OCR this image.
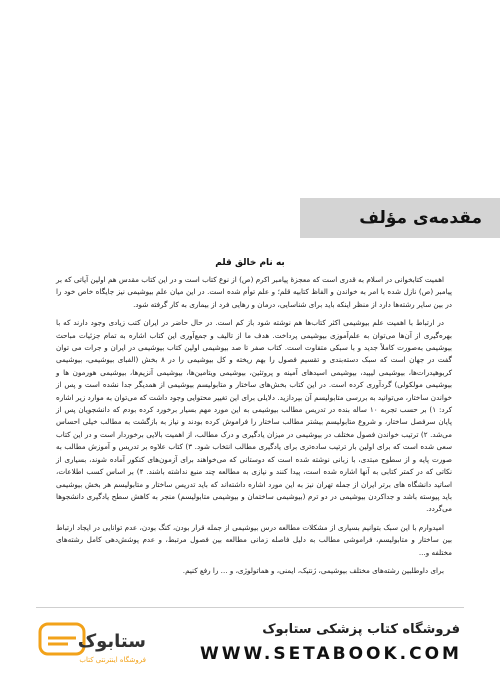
مقدمه‌ی مؤلف
به نام خالق قلم

اهمیت کتابخوانی در اسلام به قدری است که معجزهٔ پیامبر اکرم (ص) از نوع کتاب است و در این کتاب مقدس هم اولین آیاتی که بر پیامبر (ص) نازل شده با امر به خواندن و الفاظ کتابیه قلم؛ و علم توأم شده است. در این میان علم بیوشیمی نیز جایگاه خاص خود را در بین سایر رشته‌ها دارد از منظر اینکه باید برای شناسایی، درمان و رهایی فرد از بیماری به کار گرفته شود.

در ارتباط با اهمیت علم بیوشیمی اکثر کتاب‌ها هم نوشته شود باز کم است. در حال حاضر در ایران کتب زیادی وجود دارند که با بهره‌گیری از آن‌ها می‌توان به علم‌آموزی بیوشیمی پرداخت. هدف ما از تالیف و جمع‌آوری این کتاب اشاره به تمام جزئیات مباحث بیوشیمی به‌صورت کاملاً جدید و با سبکی متفاوت است. کتاب صفر تا صد بیوشیمی اولین کتاب بیوشیمی در ایران و جرات می توان گفت در جهان است که سبک دسته‌بندی و تقسیم فصول را بهم ریخته و کل بیوشیمی را در ۸ بخش (الفبای بیوشیمی، بیوشیمی کربوهیدرات‌ها، بیوشیمی لیپید، بیوشیمی اسیدهای آمینه و پروتئین، بیوشیمی ویتامین‌ها، بیوشیمی آنزیم‌ها، بیوشیمی هورمون ها و بیوشیمی مولکولی) گردآوری کرده است. در این کتاب بخش‌های ساختار و متابولیسم بیوشیمی از همدیگر جدا نشده است و پس از خواندن ساختار، می‌توانید به بررسی متابولیسم آن بپردازید. دلایلی برای این تغییر محتوایی وجود داشت که می‌توان به موارد زیر اشاره کرد: ۱) بر حسب تجربه ۱۰ ساله بنده در تدریس مطالب بیوشیمی به این مورد مهم بسیار برخورد کرده بودم که دانشجویان پس از پایان سرفصل ساختار، و شروع متابولیسم بیشتر مطالب ساختار را فراموش کرده بودند و نیاز به بازگشت به مطالب خیلی احساس می‌شد. ۲) ترتیب خواندن فصول مختلف در بیوشیمی در میزان یادگیری و درک مطالب، از اهمیت بالایی برخوردار است و در این کتاب سعی شده است که برای اولین بار ترتیب ساده‌تری برای یادگیری مطالب انتخاب شود. ۳) کتاب علاوه بر تدریس و آموزش مطالب به صورت پایه و از سطوح مبتدی، با زبانی نوشته شده است که دوستانی که می‌خواهند برای آزمون‌های کنکور آماده شوند، بسیاری از نکاتی که در کمتر کتابی به آنها اشاره شده است، پیدا کنند و نیازی به مطالعه چند منبع نداشته باشند. ۴) بر اساس کسب اطلاعات، اساتید دانشگاه های برتر ایران از جمله تهران نیز به این مورد اشاره داشته‌اند که باید تدریس ساختار و متابولیسم هر بخش بیوشیمی باید پیوسته باشد و جداکردن بیوشیمی در دو ترم (بیوشیمی ساختمان و بیوشیمی متابولیسم) منجر به کاهش سطح یادگیری دانشجوها می‌گردد.

امیدوارم با این سبک بتوانیم بسیاری از مشکلات مطالعه درس بیوشیمی از جمله قرار بودن، کنگ بودن، عدم توانایی در ایجاد ارتباط بین ساختار و متابولیسم، فراموشی مطالب به دلیل فاصله زمانی مطالعه بین فصول مرتبط، و عدم پوشش‌دهی کامل رشته‌های مختلفه و...

برای داوطلبین رشته‌های مختلف بیوشیمی، ژنتیک، ایمنی، و هماتولوژی، و ... را رفع کنیم.

ستابوک
فروشگاه اینترنتی کتاب
فروشگاه کتاب پزشکی ستابوک
WWW.SETABOOK.COM
